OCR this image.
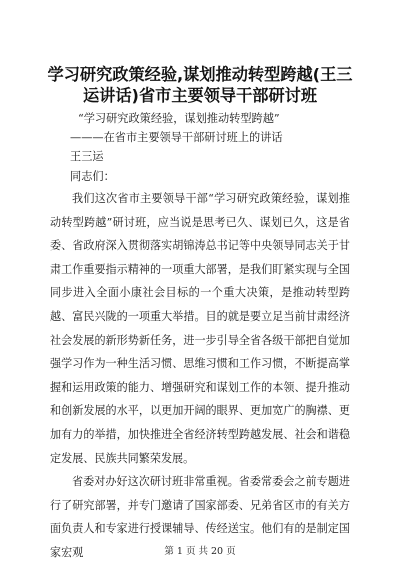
学习研究政策经验,谋划推动转型跨越(王三运讲话)省市主要领导干部研讨班
“学习研究政策经验，谋划推动转型跨越”
———在省市主要领导干部研讨班上的讲话
王三运
同志们：

我们这次省市主要领导干部“学习研究政策经验，谋划推动转型跨越”研讨班，应当说是思考已久、谋划已久，这是省委、省政府深入贯彻落实胡锦涛总书记等中央领导同志关于甘肃工作重要指示精神的一项重大部署，是我们盯紧实现与全国同步进入全面小康社会目标的一个重大决策，是推动转型跨越、富民兴陇的一项重大举措。目的就是要立足当前甘肃经济社会发展的新形势新任务，进一步引导全省各级干部把自觉加强学习作为一种生活习惯、思维习惯和工作习惯，不断提高掌握和运用政策的能力、增强研究和谋划工作的本领、提升推动和创新发展的水平，以更加开阔的眼界、更加宽广的胸襟、更加有力的举措，加快推进全省经济转型跨越发展、社会和谐稳定发展、民族共同繁荣发展。

省委对办好这次研讨班非常重视。省委常委会之前专题进行了研究部署，并专门邀请了国家部委、兄弟省区市的有关方面负责人和专家进行授课辅导、传经送宝。他们有的是制定国家宏观	第 1 页 共 20 页
